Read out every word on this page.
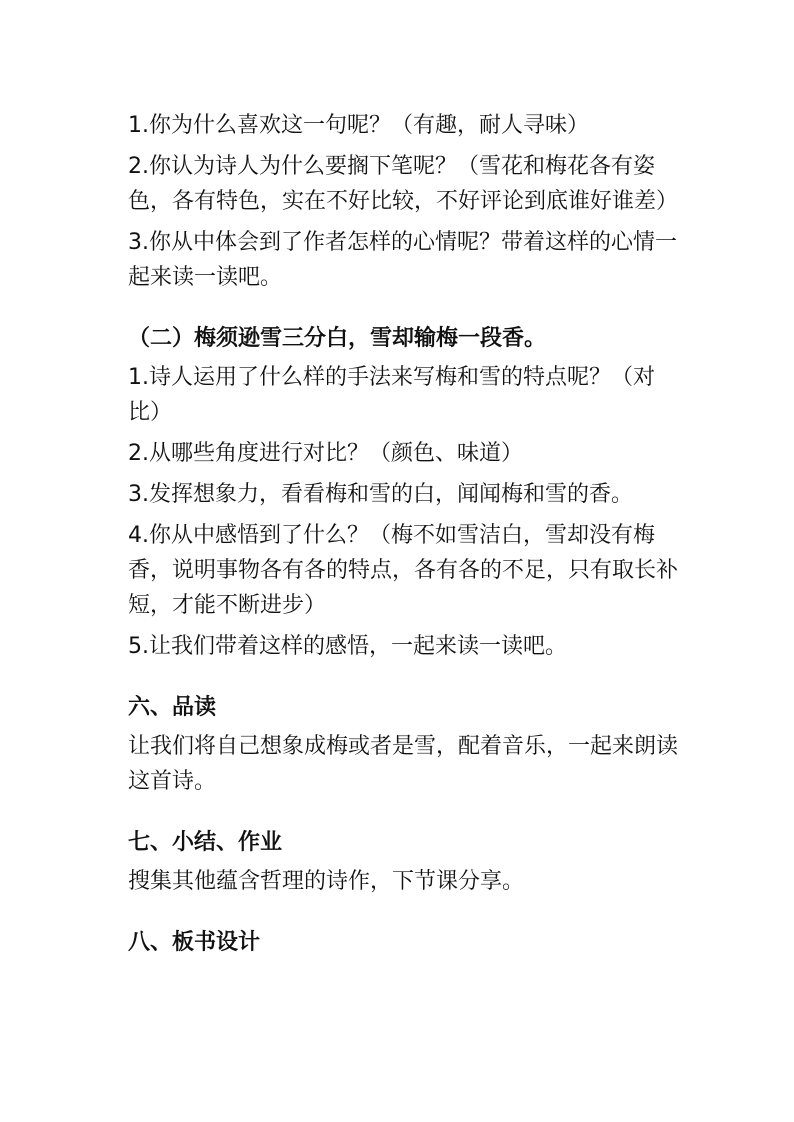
1.你为什么喜欢这一句呢？（有趣，耐人寻味）
2.你认为诗人为什么要搁下笔呢？（雪花和梅花各有姿
色，各有特色，实在不好比较，不好评论到底谁好谁差）
3.你从中体会到了作者怎样的心情呢？带着这样的心情一
起来读一读吧。
（二）梅须逊雪三分白，雪却输梅一段香。
1.诗人运用了什么样的手法来写梅和雪的特点呢？（对
比）
2.从哪些角度进行对比？（颜色、味道）
3.发挥想象力，看看梅和雪的白，闻闻梅和雪的香。
4.你从中感悟到了什么？（梅不如雪洁白，雪却没有梅
香，说明事物各有各的特点，各有各的不足，只有取长补
短，才能不断进步）
5.让我们带着这样的感悟，一起来读一读吧。
六、品读
让我们将自己想象成梅或者是雪，配着音乐，一起来朗读
这首诗。
七、小结、作业
搜集其他蕴含哲理的诗作，下节课分享。
八、板书设计
